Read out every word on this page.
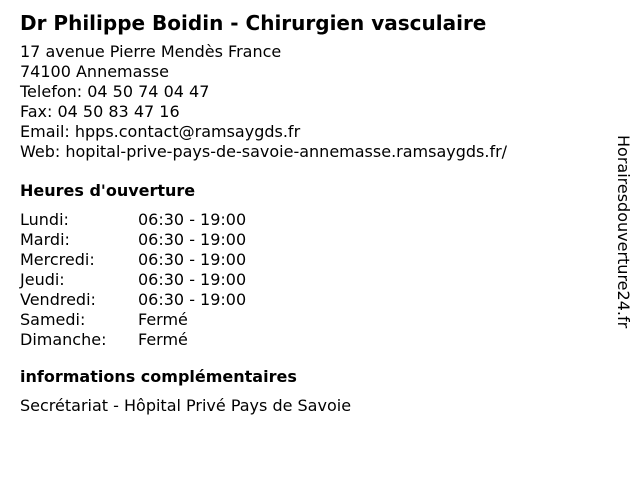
Dr Philippe Boidin - Chirurgien vasculaire
17 avenue Pierre Mendès France
74100 Annemasse
Telefon: 04 50 74 04 47
Fax: 04 50 83 47 16
Email: hpps.contact@ramsaygds.fr
Web: hopital-prive-pays-de-savoie-annemasse.ramsaygds.fr/
Heures d'ouverture
Lundi:	06:30 - 19:00
Mardi:	06:30 - 19:00
Mercredi:	06:30 - 19:00
Jeudi:	06:30 - 19:00
Vendredi:	06:30 - 19:00
Samedi:	Fermé
Dimanche:	Fermé
informations complémentaires
Secrétariat - Hôpital Privé Pays de Savoie
Horairesdouverture24.fr
